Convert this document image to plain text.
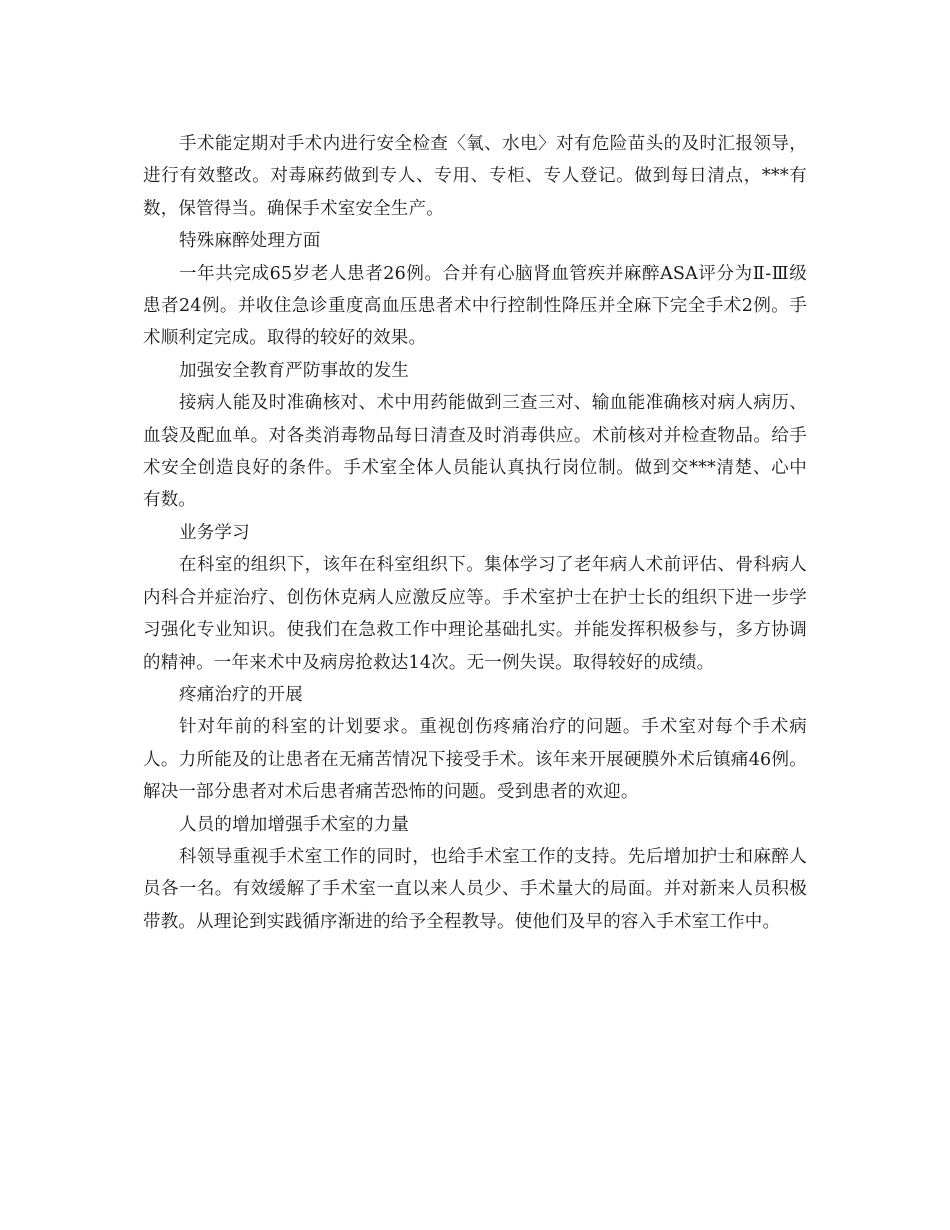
手术能定期对手术内进行安全检查〈氧、水电〉对有危险苗头的及时汇报领导，进行有效整改。对毒麻药做到专人、专用、专柜、专人登记。做到每日清点，***有数，保管得当。确保手术室安全生产。

特殊麻醉处理方面

一年共完成65岁老人患者26例。合并有心脑肾血管疾并麻醉ASA评分为Ⅱ-Ⅲ级患者24例。并收住急诊重度高血压患者术中行控制性降压并全麻下完全手术2例。手术顺利定完成。取得的较好的效果。

加强安全教育严防事故的发生

接病人能及时准确核对、术中用药能做到三查三对、输血能准确核对病人病历、血袋及配血单。对各类消毒物品每日清查及时消毒供应。术前核对并检查物品。给手术安全创造良好的条件。手术室全体人员能认真执行岗位制。做到交***清楚、心中有数。

业务学习

在科室的组织下，该年在科室组织下。集体学习了老年病人术前评估、骨科病人内科合并症治疗、创伤休克病人应激反应等。手术室护士在护士长的组织下进一步学习强化专业知识。使我们在急救工作中理论基础扎实。并能发挥积极参与，多方协调的精神。一年来术中及病房抢救达14次。无一例失误。取得较好的成绩。

疼痛治疗的开展

针对年前的科室的计划要求。重视创伤疼痛治疗的问题。手术室对每个手术病人。力所能及的让患者在无痛苦情况下接受手术。该年来开展硬膜外术后镇痛46例。解决一部分患者对术后患者痛苦恐怖的问题。受到患者的欢迎。

人员的增加增强手术室的力量

科领导重视手术室工作的同时，也给手术室工作的支持。先后增加护士和麻醉人员各一名。有效缓解了手术室一直以来人员少、手术量大的局面。并对新来人员积极带教。从理论到实践循序渐进的给予全程教导。使他们及早的容入手术室工作中。
